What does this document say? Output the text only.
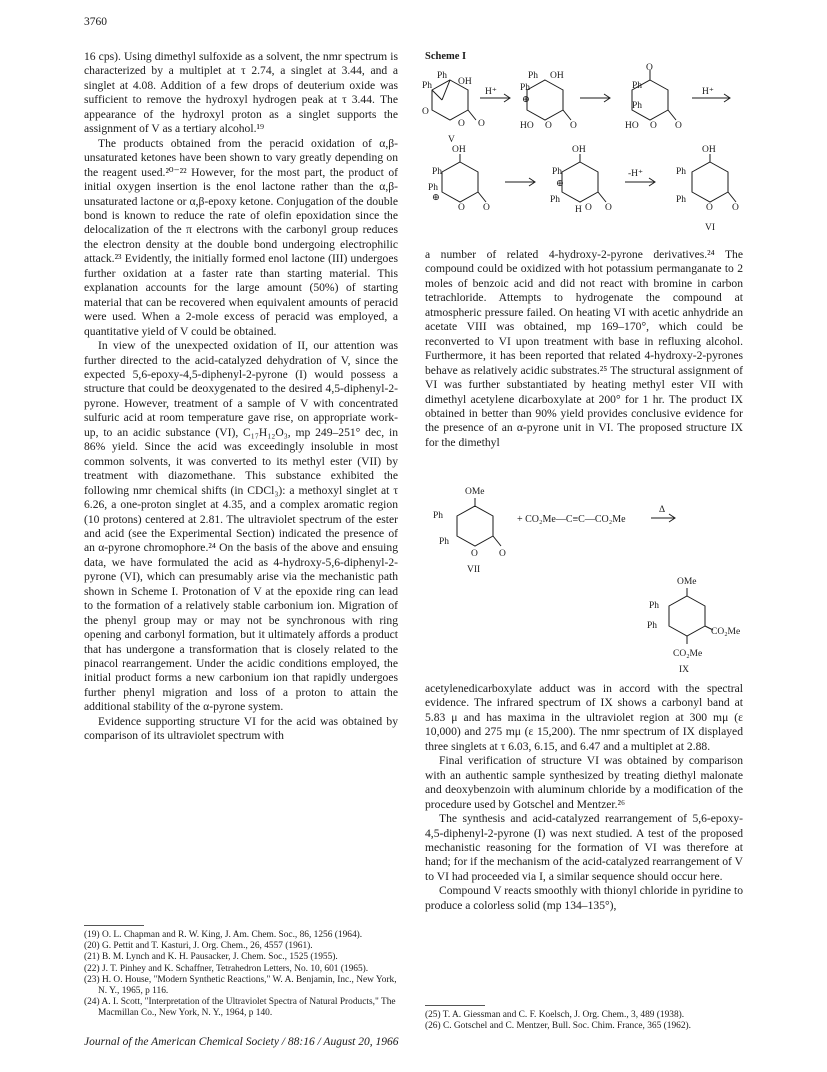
3760

16 cps). Using dimethyl sulfoxide as a solvent, the nmr spectrum is characterized by a multiplet at τ 2.74, a singlet at 3.44, and a singlet at 4.08. Addition of a few drops of deuterium oxide was sufficient to remove the hydroxyl hydrogen peak at τ 3.44. The appearance of the hydroxyl proton as a singlet supports the assignment of V as a tertiary alcohol.¹⁹

The products obtained from the peracid oxidation of α,β-unsaturated ketones have been shown to vary greatly depending on the reagent used.²⁰⁻²² However, for the most part, the product of initial oxygen insertion is the enol lactone rather than the α,β-unsaturated lactone or α,β-epoxy ketone. Conjugation of the double bond is known to reduce the rate of olefin epoxidation since the delocalization of the π electrons with the carbonyl group reduces the electron density at the double bond undergoing electrophilic attack.²³ Evidently, the initially formed enol lactone (III) undergoes further oxidation at a faster rate than starting material. This explanation accounts for the large amount (50%) of starting material that can be recovered when equivalent amounts of peracid were used. When a 2-mole excess of peracid was employed, a quantitative yield of V could be obtained.

In view of the unexpected oxidation of II, our attention was further directed to the acid-catalyzed dehydration of V, since the expected 5,6-epoxy-4,5-diphenyl-2-pyrone (I) would possess a structure that could be deoxygenated to the desired 4,5-diphenyl-2-pyrone. However, treatment of a sample of V with concentrated sulfuric acid at room temperature gave rise, on appropriate work-up, to an acidic substance (VI), C₁₇H₁₂O₃, mp 249–251° dec, in 86% yield. Since the acid was exceedingly insoluble in most common solvents, it was converted to its methyl ester (VII) by treatment with diazomethane. This substance exhibited the following nmr chemical shifts (in CDCl₃): a methoxyl singlet at τ 6.26, a one-proton singlet at 4.35, and a complex aromatic region (10 protons) centered at 2.81. The ultraviolet spectrum of the ester and acid (see the Experimental Section) indicated the presence of an α-pyrone chromophore.²⁴ On the basis of the above and ensuing data, we have formulated the acid as 4-hydroxy-5,6-diphenyl-2-pyrone (VI), which can presumably arise via the mechanistic path shown in Scheme I. Protonation of V at the epoxide ring can lead to the formation of a relatively stable carbonium ion. Migration of the phenyl group may or may not be synchronous with ring opening and carbonyl formation, but it ultimately affords a product that has undergone a transformation that is closely related to the pinacol rearrangement. Under the acidic conditions employed, the initial product forms a new carbonium ion that rapidly undergoes further phenyl migration and loss of a proton to attain the additional stability of the α-pyrone system.

Evidence supporting structure VI for the acid was obtained by comparison of its ultraviolet spectrum with

(19) O. L. Chapman and R. W. King, J. Am. Chem. Soc., 86, 1256 (1964).

(20) G. Pettit and T. Kasturi, J. Org. Chem., 26, 4557 (1961).

(21) B. M. Lynch and K. H. Pausacker, J. Chem. Soc., 1525 (1955).

(22) J. T. Pinhey and K. Schaffner, Tetrahedron Letters, No. 10, 601 (1965).

(23) H. O. House, "Modern Synthetic Reactions," W. A. Benjamin, Inc., New York, N. Y., 1965, p 116.

(24) A. I. Scott, "Interpretation of the Ultraviolet Spectra of Natural Products," The Macmillan Co., New York, N. Y., 1964, p 140.

Scheme I
Ph
Ph
OH
O
O O
V
H⁺
Ph OH
Ph
⊕
HO O O
Ph
Ph
O
HO O O
H⁺
OH
Ph
Ph
⊕
O O
OH
Ph
⊕
Ph
H O O
-H⁺
OH
Ph
Ph
O O
VI

a number of related 4-hydroxy-2-pyrone derivatives.²⁴ The compound could be oxidized with hot potassium permanganate to 2 moles of benzoic acid and did not react with bromine in carbon tetrachloride. Attempts to hydrogenate the compound at atmospheric pressure failed. On heating VI with acetic anhydride an acetate VIII was obtained, mp 169–170°, which could be reconverted to VI upon treatment with base in refluxing alcohol. Furthermore, it has been reported that related 4-hydroxy-2-pyrones behave as relatively acidic substrates.²⁵ The structural assignment of VI was further substantiated by heating methyl ester VII with dimethyl acetylene dicarboxylate at 200° for 1 hr. The product IX obtained in better than 90% yield provides conclusive evidence for the presence of an α-pyrone unit in VI. The proposed structure IX for the dimethyl

OMe
Ph
Ph
O O
VII
+ CO₂Me—C≡C—CO₂Me
Δ
OMe
Ph
Ph
CO₂Me
CO₂Me
IX

acetylenedicarboxylate adduct was in accord with the spectral evidence. The infrared spectrum of IX shows a carbonyl band at 5.83 μ and has maxima in the ultraviolet region at 300 mμ (ε 10,000) and 275 mμ (ε 15,200). The nmr spectrum of IX displayed three singlets at τ 6.03, 6.15, and 6.47 and a multiplet at 2.88.

Final verification of structure VI was obtained by comparison with an authentic sample synthesized by treating diethyl malonate and deoxybenzoin with aluminum chloride by a modification of the procedure used by Gotschel and Mentzer.²⁶

The synthesis and acid-catalyzed rearrangement of 5,6-epoxy-4,5-diphenyl-2-pyrone (I) was next studied. A test of the proposed mechanistic reasoning for the formation of VI was therefore at hand; for if the mechanism of the acid-catalyzed rearrangement of V to VI had proceeded via I, a similar sequence should occur here.

Compound V reacts smoothly with thionyl chloride in pyridine to produce a colorless solid (mp 134–135°),

(25) T. A. Giessman and C. F. Koelsch, J. Org. Chem., 3, 489 (1938).

(26) C. Gotschel and C. Mentzer, Bull. Soc. Chim. France, 365 (1962).

Journal of the American Chemical Society / 88:16 / August 20, 1966
